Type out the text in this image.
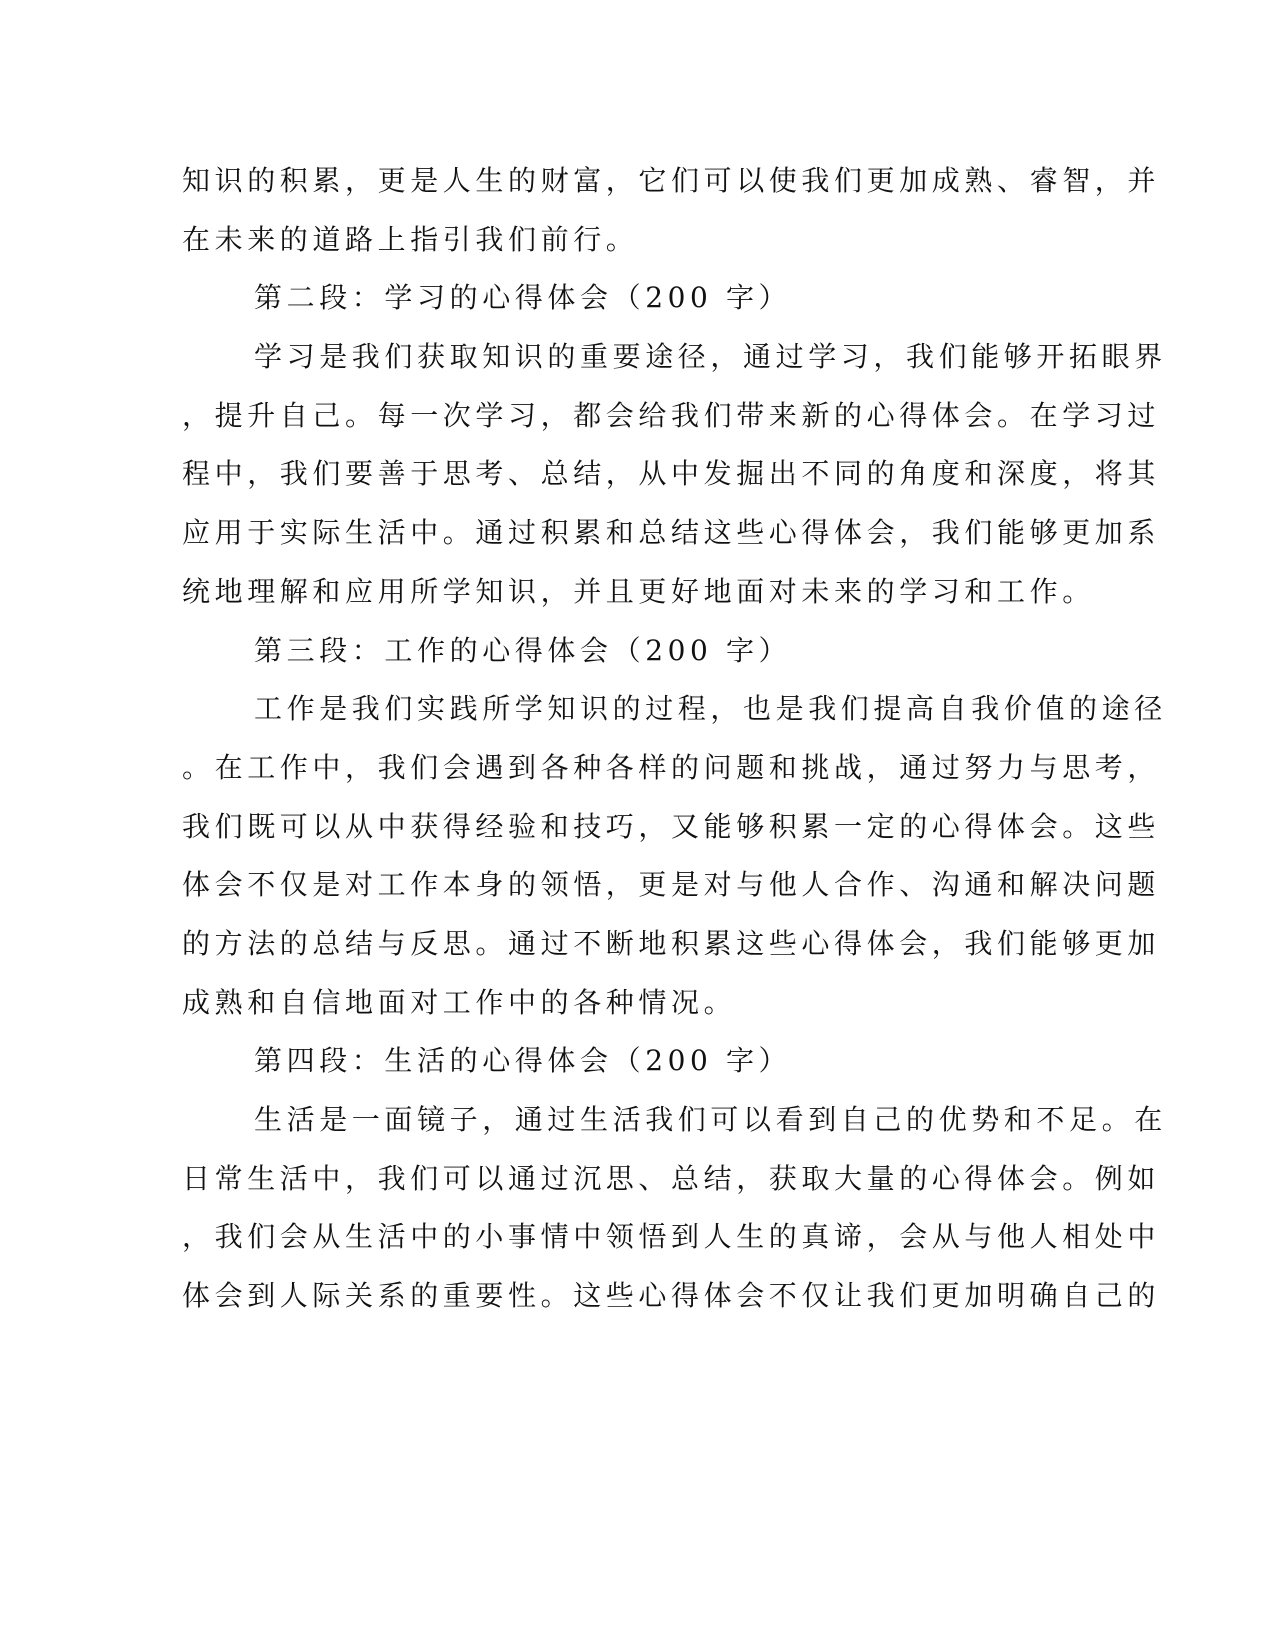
知识的积累，更是人生的财富，它们可以使我们更加成熟、睿智，并
在未来的道路上指引我们前行。
第二段：学习的心得体会（200 字）
学习是我们获取知识的重要途径，通过学习，我们能够开拓眼界
，提升自己。每一次学习，都会给我们带来新的心得体会。在学习过
程中，我们要善于思考、总结，从中发掘出不同的角度和深度，将其
应用于实际生活中。通过积累和总结这些心得体会，我们能够更加系
统地理解和应用所学知识，并且更好地面对未来的学习和工作。
第三段：工作的心得体会（200 字）
工作是我们实践所学知识的过程，也是我们提高自我价值的途径
。在工作中，我们会遇到各种各样的问题和挑战，通过努力与思考，
我们既可以从中获得经验和技巧，又能够积累一定的心得体会。这些
体会不仅是对工作本身的领悟，更是对与他人合作、沟通和解决问题
的方法的总结与反思。通过不断地积累这些心得体会，我们能够更加
成熟和自信地面对工作中的各种情况。
第四段：生活的心得体会（200 字）
生活是一面镜子，通过生活我们可以看到自己的优势和不足。在
日常生活中，我们可以通过沉思、总结，获取大量的心得体会。例如
，我们会从生活中的小事情中领悟到人生的真谛，会从与他人相处中
体会到人际关系的重要性。这些心得体会不仅让我们更加明确自己的
